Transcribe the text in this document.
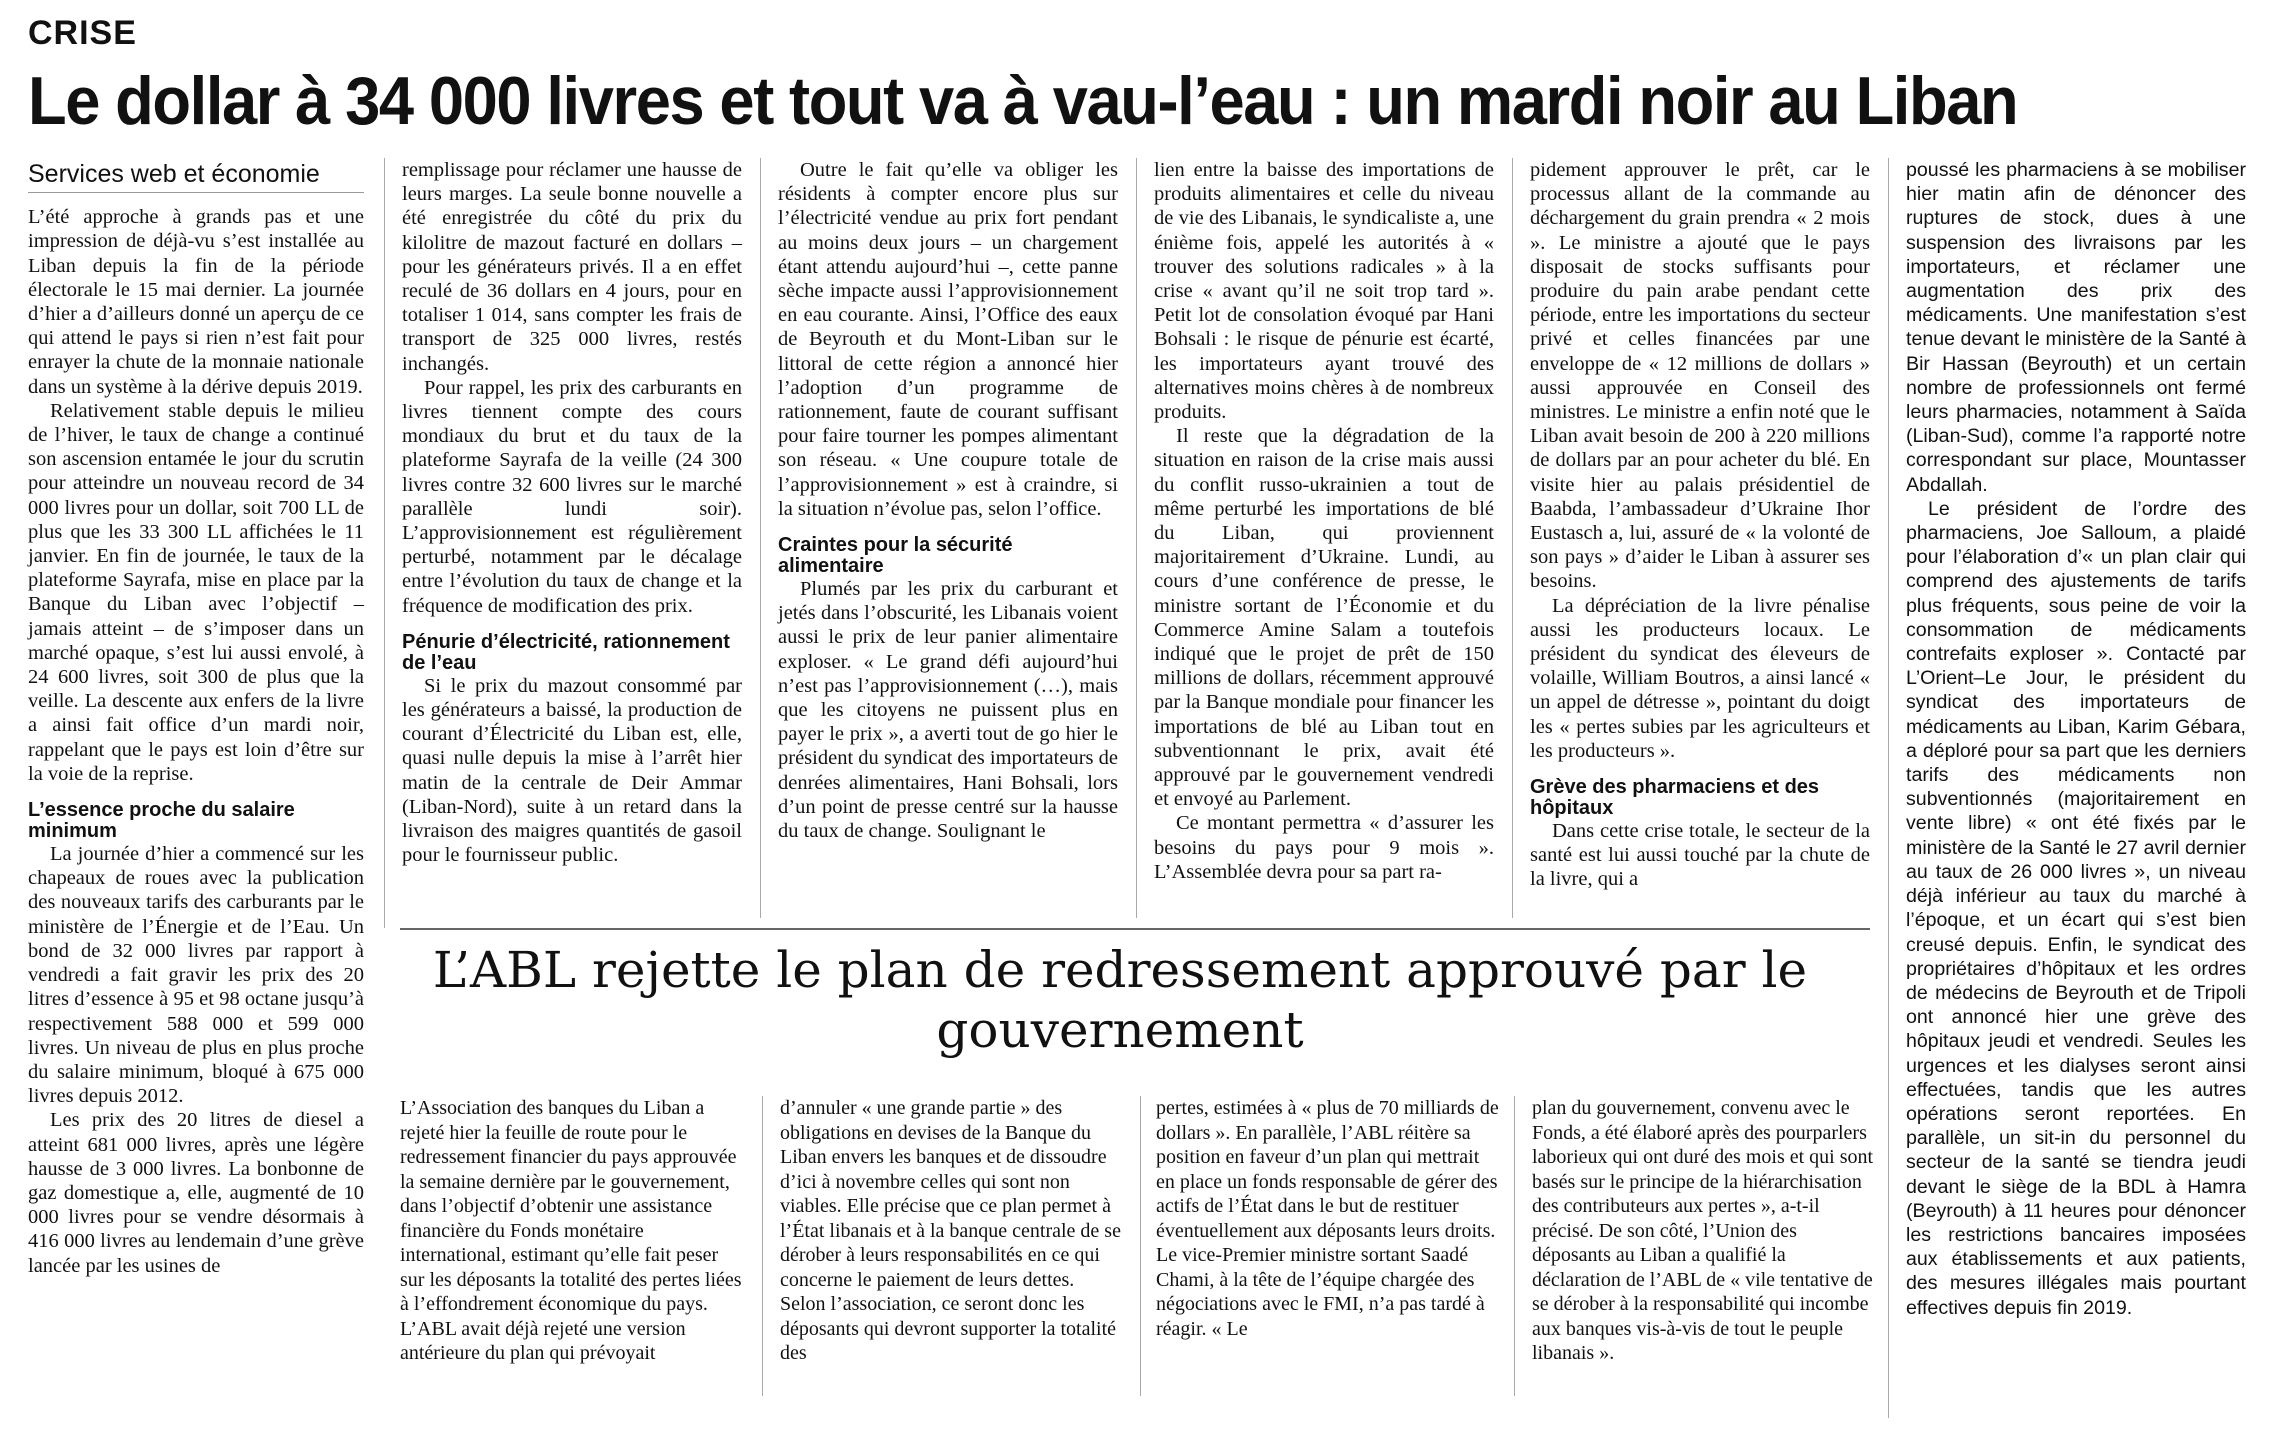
CRISE
Le dollar à 34 000 livres et tout va à vau-l’eau : un mardi noir au Liban
Services web et économie

L’été approche à grands pas et une impression de déjà-vu s’est installée au Liban depuis la fin de la période électorale le 15 mai dernier. La journée d’hier a d’ailleurs donné un aperçu de ce qui attend le pays si rien n’est fait pour enrayer la chute de la monnaie nationale dans un système à la dérive depuis 2019.

Relativement stable depuis le milieu de l’hiver, le taux de change a continué son ascension entamée le jour du scrutin pour atteindre un nouveau record de 34 000 livres pour un dollar, soit 700 LL de plus que les 33 300 LL affichées le 11 janvier. En fin de journée, le taux de la plateforme Sayrafa, mise en place par la Banque du Liban avec l’objectif – jamais atteint – de s’imposer dans un marché opaque, s’est lui aussi envolé, à 24 600 livres, soit 300 de plus que la veille. La descente aux enfers de la livre a ainsi fait office d’un mardi noir, rappelant que le pays est loin d’être sur la voie de la reprise.

L’essence proche du salaire minimum

La journée d’hier a commencé sur les chapeaux de roues avec la publication des nouveaux tarifs des carburants par le ministère de l’Énergie et de l’Eau. Un bond de 32 000 livres par rapport à vendredi a fait gravir les prix des 20 litres d’essence à 95 et 98 octane jusqu’à respectivement 588 000 et 599 000 livres. Un niveau de plus en plus proche du salaire minimum, bloqué à 675 000 livres depuis 2012.

Les prix des 20 litres de diesel a atteint 681 000 livres, après une légère hausse de 3 000 livres. La bonbonne de gaz domestique a, elle, augmenté de 10 000 livres pour se vendre désormais à 416 000 livres au lendemain d’une grève lancée par les usines de

remplissage pour réclamer une hausse de leurs marges. La seule bonne nouvelle a été enregistrée du côté du prix du kilolitre de mazout facturé en dollars – pour les générateurs privés. Il a en effet reculé de 36 dollars en 4 jours, pour en totaliser 1 014, sans compter les frais de transport de 325 000 livres, restés inchangés.

Pour rappel, les prix des carburants en livres tiennent compte des cours mondiaux du brut et du taux de la plateforme Sayrafa de la veille (24 300 livres contre 32 600 livres sur le marché parallèle lundi soir). L’approvisionnement est régulièrement perturbé, notamment par le décalage entre l’évolution du taux de change et la fréquence de modification des prix.

Pénurie d’électricité, rationnement de l’eau

Si le prix du mazout consommé par les générateurs a baissé, la production de courant d’Électricité du Liban est, elle, quasi nulle depuis la mise à l’arrêt hier matin de la centrale de Deir Ammar (Liban-Nord), suite à un retard dans la livraison des maigres quantités de gasoil pour le fournisseur public.

Outre le fait qu’elle va obliger les résidents à compter encore plus sur l’électricité vendue au prix fort pendant au moins deux jours – un chargement étant attendu aujourd’hui –, cette panne sèche impacte aussi l’approvisionnement en eau courante. Ainsi, l’Office des eaux de Beyrouth et du Mont-Liban sur le littoral de cette région a annoncé hier l’adoption d’un programme de rationnement, faute de courant suffisant pour faire tourner les pompes alimentant son réseau. « Une coupure totale de l’approvisionnement » est à craindre, si la situation n’évolue pas, selon l’office.

Craintes pour la sécurité alimentaire

Plumés par les prix du carburant et jetés dans l’obscurité, les Libanais voient aussi le prix de leur panier alimentaire exploser. « Le grand défi aujourd’hui n’est pas l’approvisionnement (…), mais que les citoyens ne puissent plus en payer le prix », a averti tout de go hier le président du syndicat des importateurs de denrées alimentaires, Hani Bohsali, lors d’un point de presse centré sur la hausse du taux de change. Soulignant le

lien entre la baisse des importations de produits alimentaires et celle du niveau de vie des Libanais, le syndicaliste a, une énième fois, appelé les autorités à « trouver des solutions radicales » à la crise « avant qu’il ne soit trop tard ». Petit lot de consolation évoqué par Hani Bohsali : le risque de pénurie est écarté, les importateurs ayant trouvé des alternatives moins chères à de nombreux produits.

Il reste que la dégradation de la situation en raison de la crise mais aussi du conflit russo-ukrainien a tout de même perturbé les importations de blé du Liban, qui proviennent majoritairement d’Ukraine. Lundi, au cours d’une conférence de presse, le ministre sortant de l’Économie et du Commerce Amine Salam a toutefois indiqué que le projet de prêt de 150 millions de dollars, récemment approuvé par la Banque mondiale pour financer les importations de blé au Liban tout en subventionnant le prix, avait été approuvé par le gouvernement vendredi et envoyé au Parlement.

Ce montant permettra « d’assurer les besoins du pays pour 9 mois ». L’Assemblée devra pour sa part ra-

pidement approuver le prêt, car le processus allant de la commande au déchargement du grain prendra « 2 mois ». Le ministre a ajouté que le pays disposait de stocks suffisants pour produire du pain arabe pendant cette période, entre les importations du secteur privé et celles financées par une enveloppe de « 12 millions de dollars » aussi approuvée en Conseil des ministres. Le ministre a enfin noté que le Liban avait besoin de 200 à 220 millions de dollars par an pour acheter du blé. En visite hier au palais présidentiel de Baabda, l’ambassadeur d’Ukraine Ihor Eustasch a, lui, assuré de « la volonté de son pays » d’aider le Liban à assurer ses besoins.

La dépréciation de la livre pénalise aussi les producteurs locaux. Le président du syndicat des éleveurs de volaille, William Boutros, a ainsi lancé « un appel de détresse », pointant du doigt les « pertes subies par les agriculteurs et les producteurs ».

Grève des pharmaciens et des hôpitaux

Dans cette crise totale, le secteur de la santé est lui aussi touché par la chute de la livre, qui a

poussé les pharmaciens à se mobiliser hier matin afin de dénoncer des ruptures de stock, dues à une suspension des livraisons par les importateurs, et réclamer une augmentation des prix des médicaments. Une manifestation s’est tenue devant le ministère de la Santé à Bir Hassan (Beyrouth) et un certain nombre de professionnels ont fermé leurs pharmacies, notamment à Saïda (Liban-Sud), comme l’a rapporté notre correspondant sur place, Mountasser Abdallah.

Le président de l’ordre des pharmaciens, Joe Salloum, a plaidé pour l’élaboration d’« un plan clair qui comprend des ajustements de tarifs plus fréquents, sous peine de voir la consommation de médicaments contrefaits exploser ». Contacté par L’Orient–Le Jour, le président du syndicat des importateurs de médicaments au Liban, Karim Gébara, a déploré pour sa part que les derniers tarifs des médicaments non subventionnés (majoritairement en vente libre) « ont été fixés par le ministère de la Santé le 27 avril dernier au taux de 26 000 livres », un niveau déjà inférieur au taux du marché à l’époque, et un écart qui s’est bien creusé depuis. Enfin, le syndicat des propriétaires d’hôpitaux et les ordres de médecins de Beyrouth et de Tripoli ont annoncé hier une grève des hôpitaux jeudi et vendredi. Seules les urgences et les dialyses seront ainsi effectuées, tandis que les autres opérations seront reportées. En parallèle, un sit-in du personnel du secteur de la santé se tiendra jeudi devant le siège de la BDL à Hamra (Beyrouth) à 11 heures pour dénoncer les restrictions bancaires imposées aux établissements et aux patients, des mesures illégales mais pourtant effectives depuis fin 2019.

L’ABL rejette le plan de redressement approuvé par le gouvernement

L’Association des banques du Liban a rejeté hier la feuille de route pour le redressement financier du pays approuvée la semaine dernière par le gouvernement, dans l’objectif d’obtenir une assistance financière du Fonds monétaire international, estimant qu’elle fait peser sur les déposants la totalité des pertes liées à l’effondrement économique du pays. L’ABL avait déjà rejeté une version antérieure du plan qui prévoyait

d’annuler « une grande partie » des obligations en devises de la Banque du Liban envers les banques et de dissoudre d’ici à novembre celles qui sont non viables. Elle précise que ce plan permet à l’État libanais et à la banque centrale de se dérober à leurs responsabilités en ce qui concerne le paiement de leurs dettes. Selon l’association, ce seront donc les déposants qui devront supporter la totalité des

pertes, estimées à « plus de 70 milliards de dollars ». En parallèle, l’ABL réitère sa position en faveur d’un plan qui mettrait en place un fonds responsable de gérer des actifs de l’État dans le but de restituer éventuellement aux déposants leurs droits. Le vice-Premier ministre sortant Saadé Chami, à la tête de l’équipe chargée des négociations avec le FMI, n’a pas tardé à réagir. « Le

plan du gouvernement, convenu avec le Fonds, a été élaboré après des pourparlers laborieux qui ont duré des mois et qui sont basés sur le principe de la hiérarchisation des contributeurs aux pertes », a-t-il précisé. De son côté, l’Union des déposants au Liban a qualifié la déclaration de l’ABL de « vile tentative de se dérober à la responsabilité qui incombe aux banques vis-à-vis de tout le peuple libanais ».
